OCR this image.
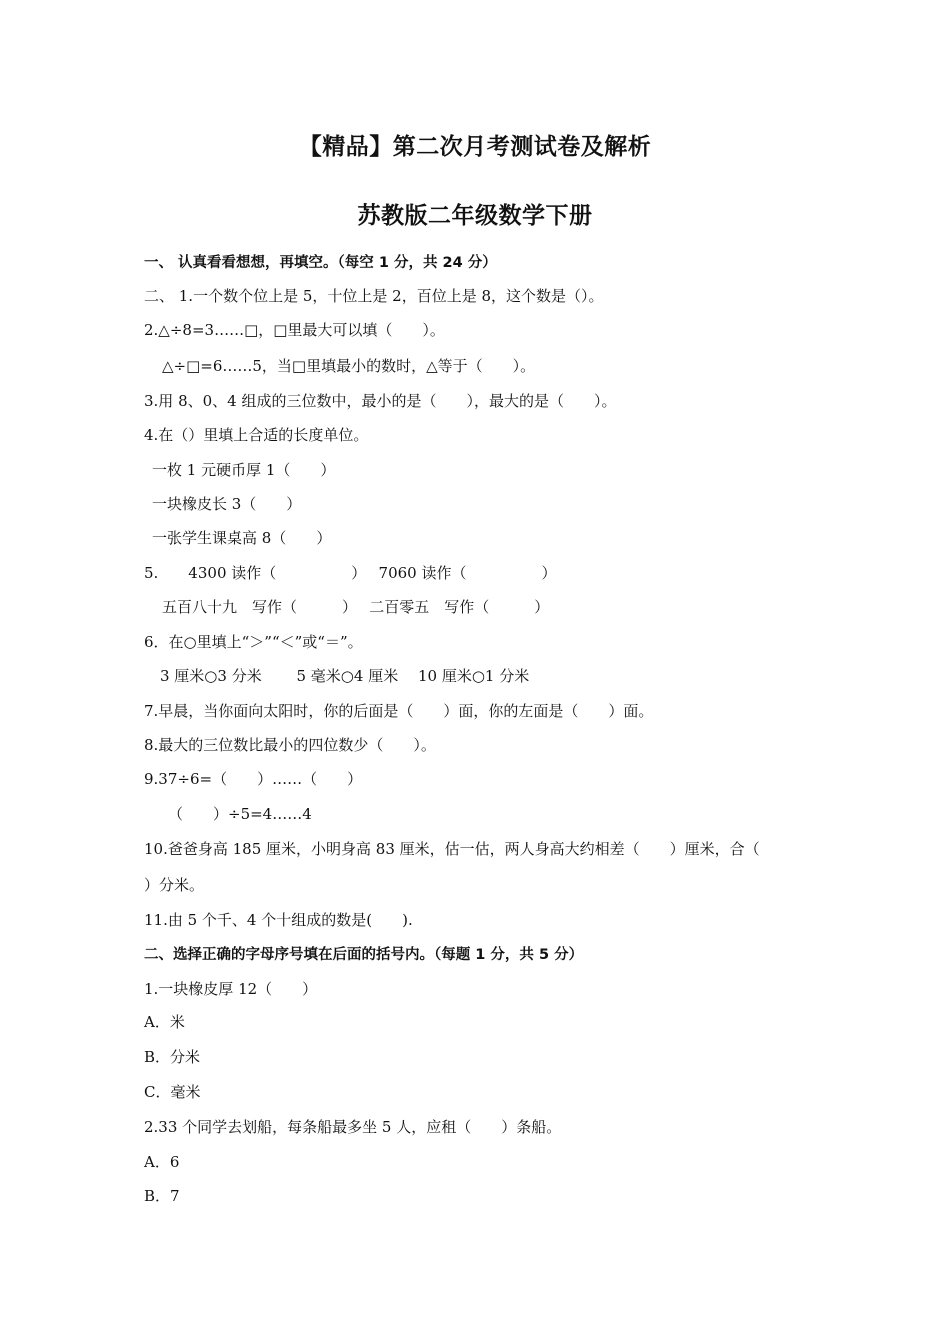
【精品】第二次月考测试卷及解析
苏教版二年级数学下册
一、 认真看看想想，再填空。（每空 1 分，共 24 分）
二、 1.一个数个位上是 5，十位上是 2，百位上是 8，这个数是（）。
2.△÷8=3……□，□里最大可以填（　　）。
△÷□=6……5，当□里填最小的数时，△等于（　　）。
3.用 8、0、4 组成的三位数中，最小的是（　　），最大的是（　　）。
4.在（）里填上合适的长度单位。
一枚 1 元硬币厚 1（　　）
一块橡皮长 3（　　）
一张学生课桌高 8（　　）
5.　　4300 读作（　　　　　）　 7060 读作（　　　　　）
五百八十九　写作（　　　）　 二百零五　写作（　　　）
6．在○里填上“＞”“＜”或“＝”。
3 厘米○3 分米　　 5 毫米○4 厘米　 10 厘米○1 分米
7.早晨，当你面向太阳时，你的后面是（　　）面，你的左面是（　　）面。
8.最大的三位数比最小的四位数少（　　）。
9.37÷6=（　　）……（　　）
（　　）÷5=4……4
10.爸爸身高 185 厘米，小明身高 83 厘米，估一估，两人身高大约相差（　　）厘米，合（
）分米。
11.由 5 个千、4 个十组成的数是(　　).
二、选择正确的字母序号填在后面的括号内。（每题 1 分，共 5 分）
1.一块橡皮厚 12（　　）
A．米
B．分米
C．毫米
2.33 个同学去划船，每条船最多坐 5 人，应租（　　）条船。
A．6
B．7
